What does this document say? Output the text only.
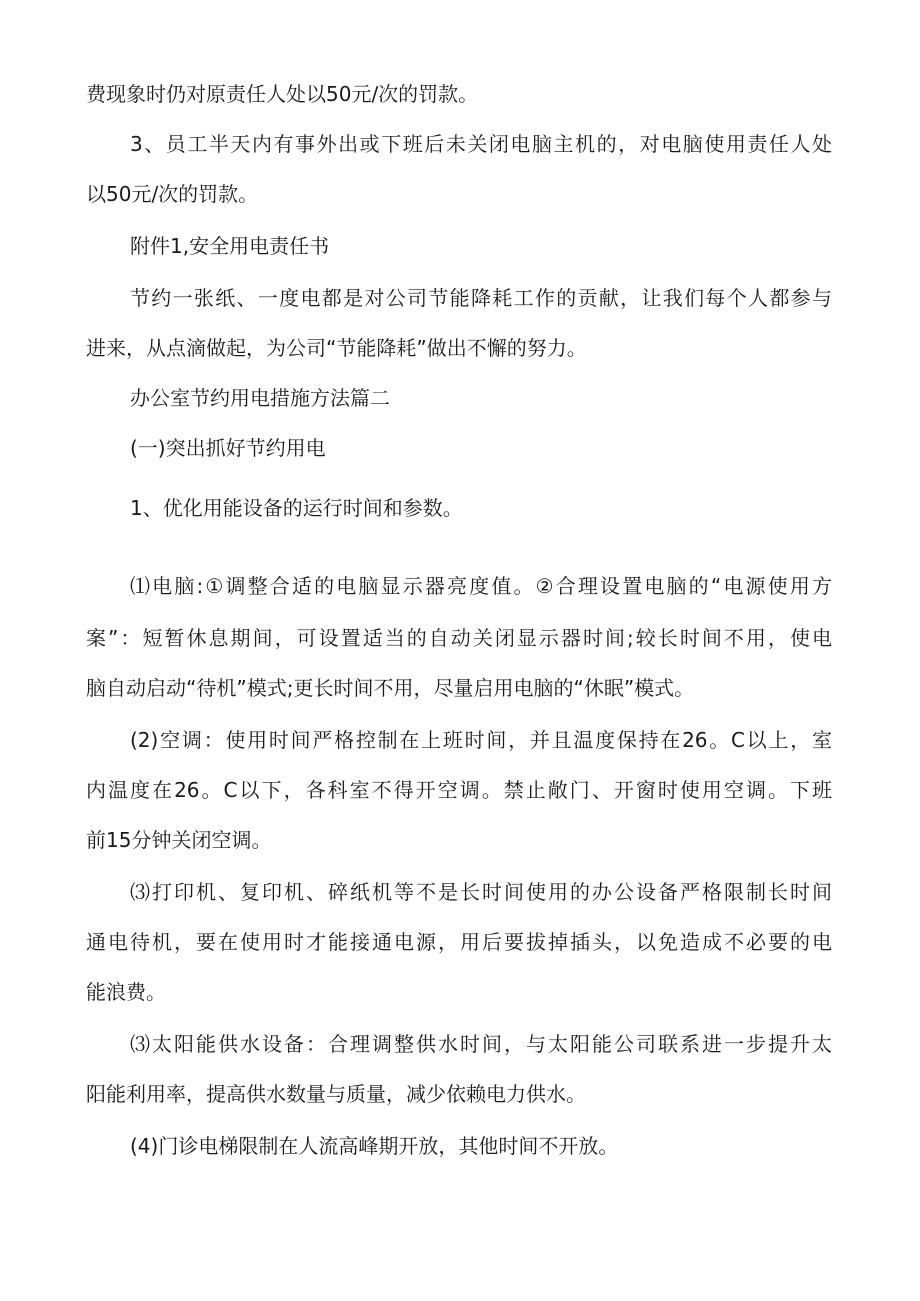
费现象时仍对原责任人处以50元/次的罚款。
3、员工半天内有事外出或下班后未关闭电脑主机的，对电脑使用责任人处
以50元/次的罚款。
附件1,安全用电责任书
节约一张纸、一度电都是对公司节能降耗工作的贡献，让我们每个人都参与
进来，从点滴做起，为公司“节能降耗”做出不懈的努力。
办公室节约用电措施方法篇二
(一)突出抓好节约用电
1、优化用能设备的运行时间和参数。
⑴电脑:①调整合适的电脑显示器亮度值。②合理设置电脑的“电源使用方
案”：短暂休息期间，可设置适当的自动关闭显示器时间;较长时间不用，使电
脑自动启动“待机”模式;更长时间不用，尽量启用电脑的“休眠”模式。
(2)空调：使用时间严格控制在上班时间，并且温度保持在26。C以上，室
内温度在26。C以下，各科室不得开空调。禁止敞门、开窗时使用空调。下班
前15分钟关闭空调。
⑶打印机、复印机、碎纸机等不是长时间使用的办公设备严格限制长时间
通电待机，要在使用时才能接通电源，用后要拔掉插头，以免造成不必要的电
能浪费。
⑶太阳能供水设备：合理调整供水时间，与太阳能公司联系进一步提升太
阳能利用率，提高供水数量与质量，减少依赖电力供水。
(4)门诊电梯限制在人流高峰期开放，其他时间不开放。
